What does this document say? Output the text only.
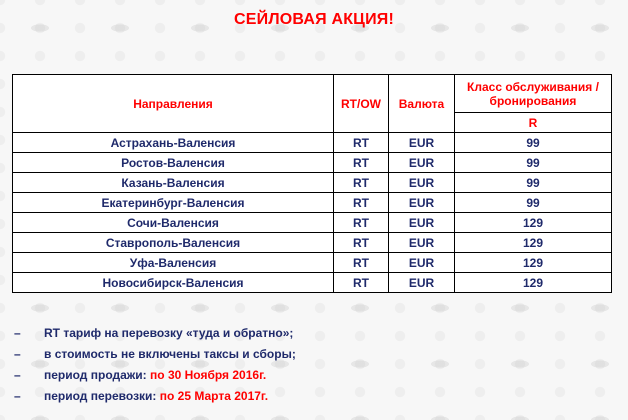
СЕЙЛОВАЯ АКЦИЯ!
Направления	RT/OW	Валюта	Класс обслуживания / бронирования
			R
Астрахань-Валенсия	RT	EUR	99
Ростов-Валенсия	RT	EUR	99
Казань-Валенсия	RT	EUR	99
Екатеринбург-Валенсия	RT	EUR	99
Сочи-Валенсия	RT	EUR	129
Ставрополь-Валенсия	RT	EUR	129
Уфа-Валенсия	RT	EUR	129
Новосибирск-Валенсия	RT	EUR	129
– RT тариф на перевозку «туда и обратно»;
– в стоимость не включены таксы и сборы;
– период продажи: по 30 Ноября 2016г.
– период перевозки: по 25 Марта 2017г.
